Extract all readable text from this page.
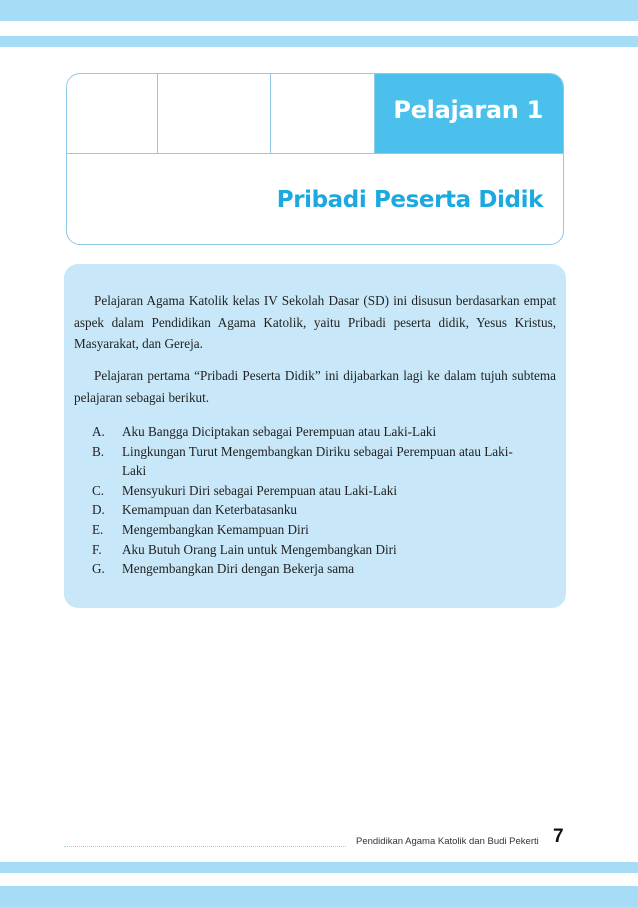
Pelajaran 1
Pribadi Peserta Didik

Pelajaran Agama Katolik kelas IV Sekolah Dasar (SD) ini disusun berdasarkan empat aspek dalam Pendidikan Agama Katolik, yaitu Pribadi peserta didik, Yesus Kristus, Masyarakat, dan Gereja.

Pelajaran pertama “Pribadi Peserta Didik” ini dijabarkan lagi ke dalam tujuh subtema pelajaran sebagai berikut.

A. Aku Bangga Diciptakan sebagai Perempuan atau Laki-Laki
B. Lingkungan Turut Mengembangkan Diriku sebagai Perempuan atau Laki-Laki
C. Mensyukuri Diri sebagai Perempuan atau Laki-Laki
D. Kemampuan dan Keterbatasanku
E. Mengembangkan Kemampuan Diri
F. Aku Butuh Orang Lain untuk Mengembangkan Diri
G. Mengembangkan Diri dengan Bekerja sama
Pendidikan Agama Katolik dan Budi Pekerti 7
